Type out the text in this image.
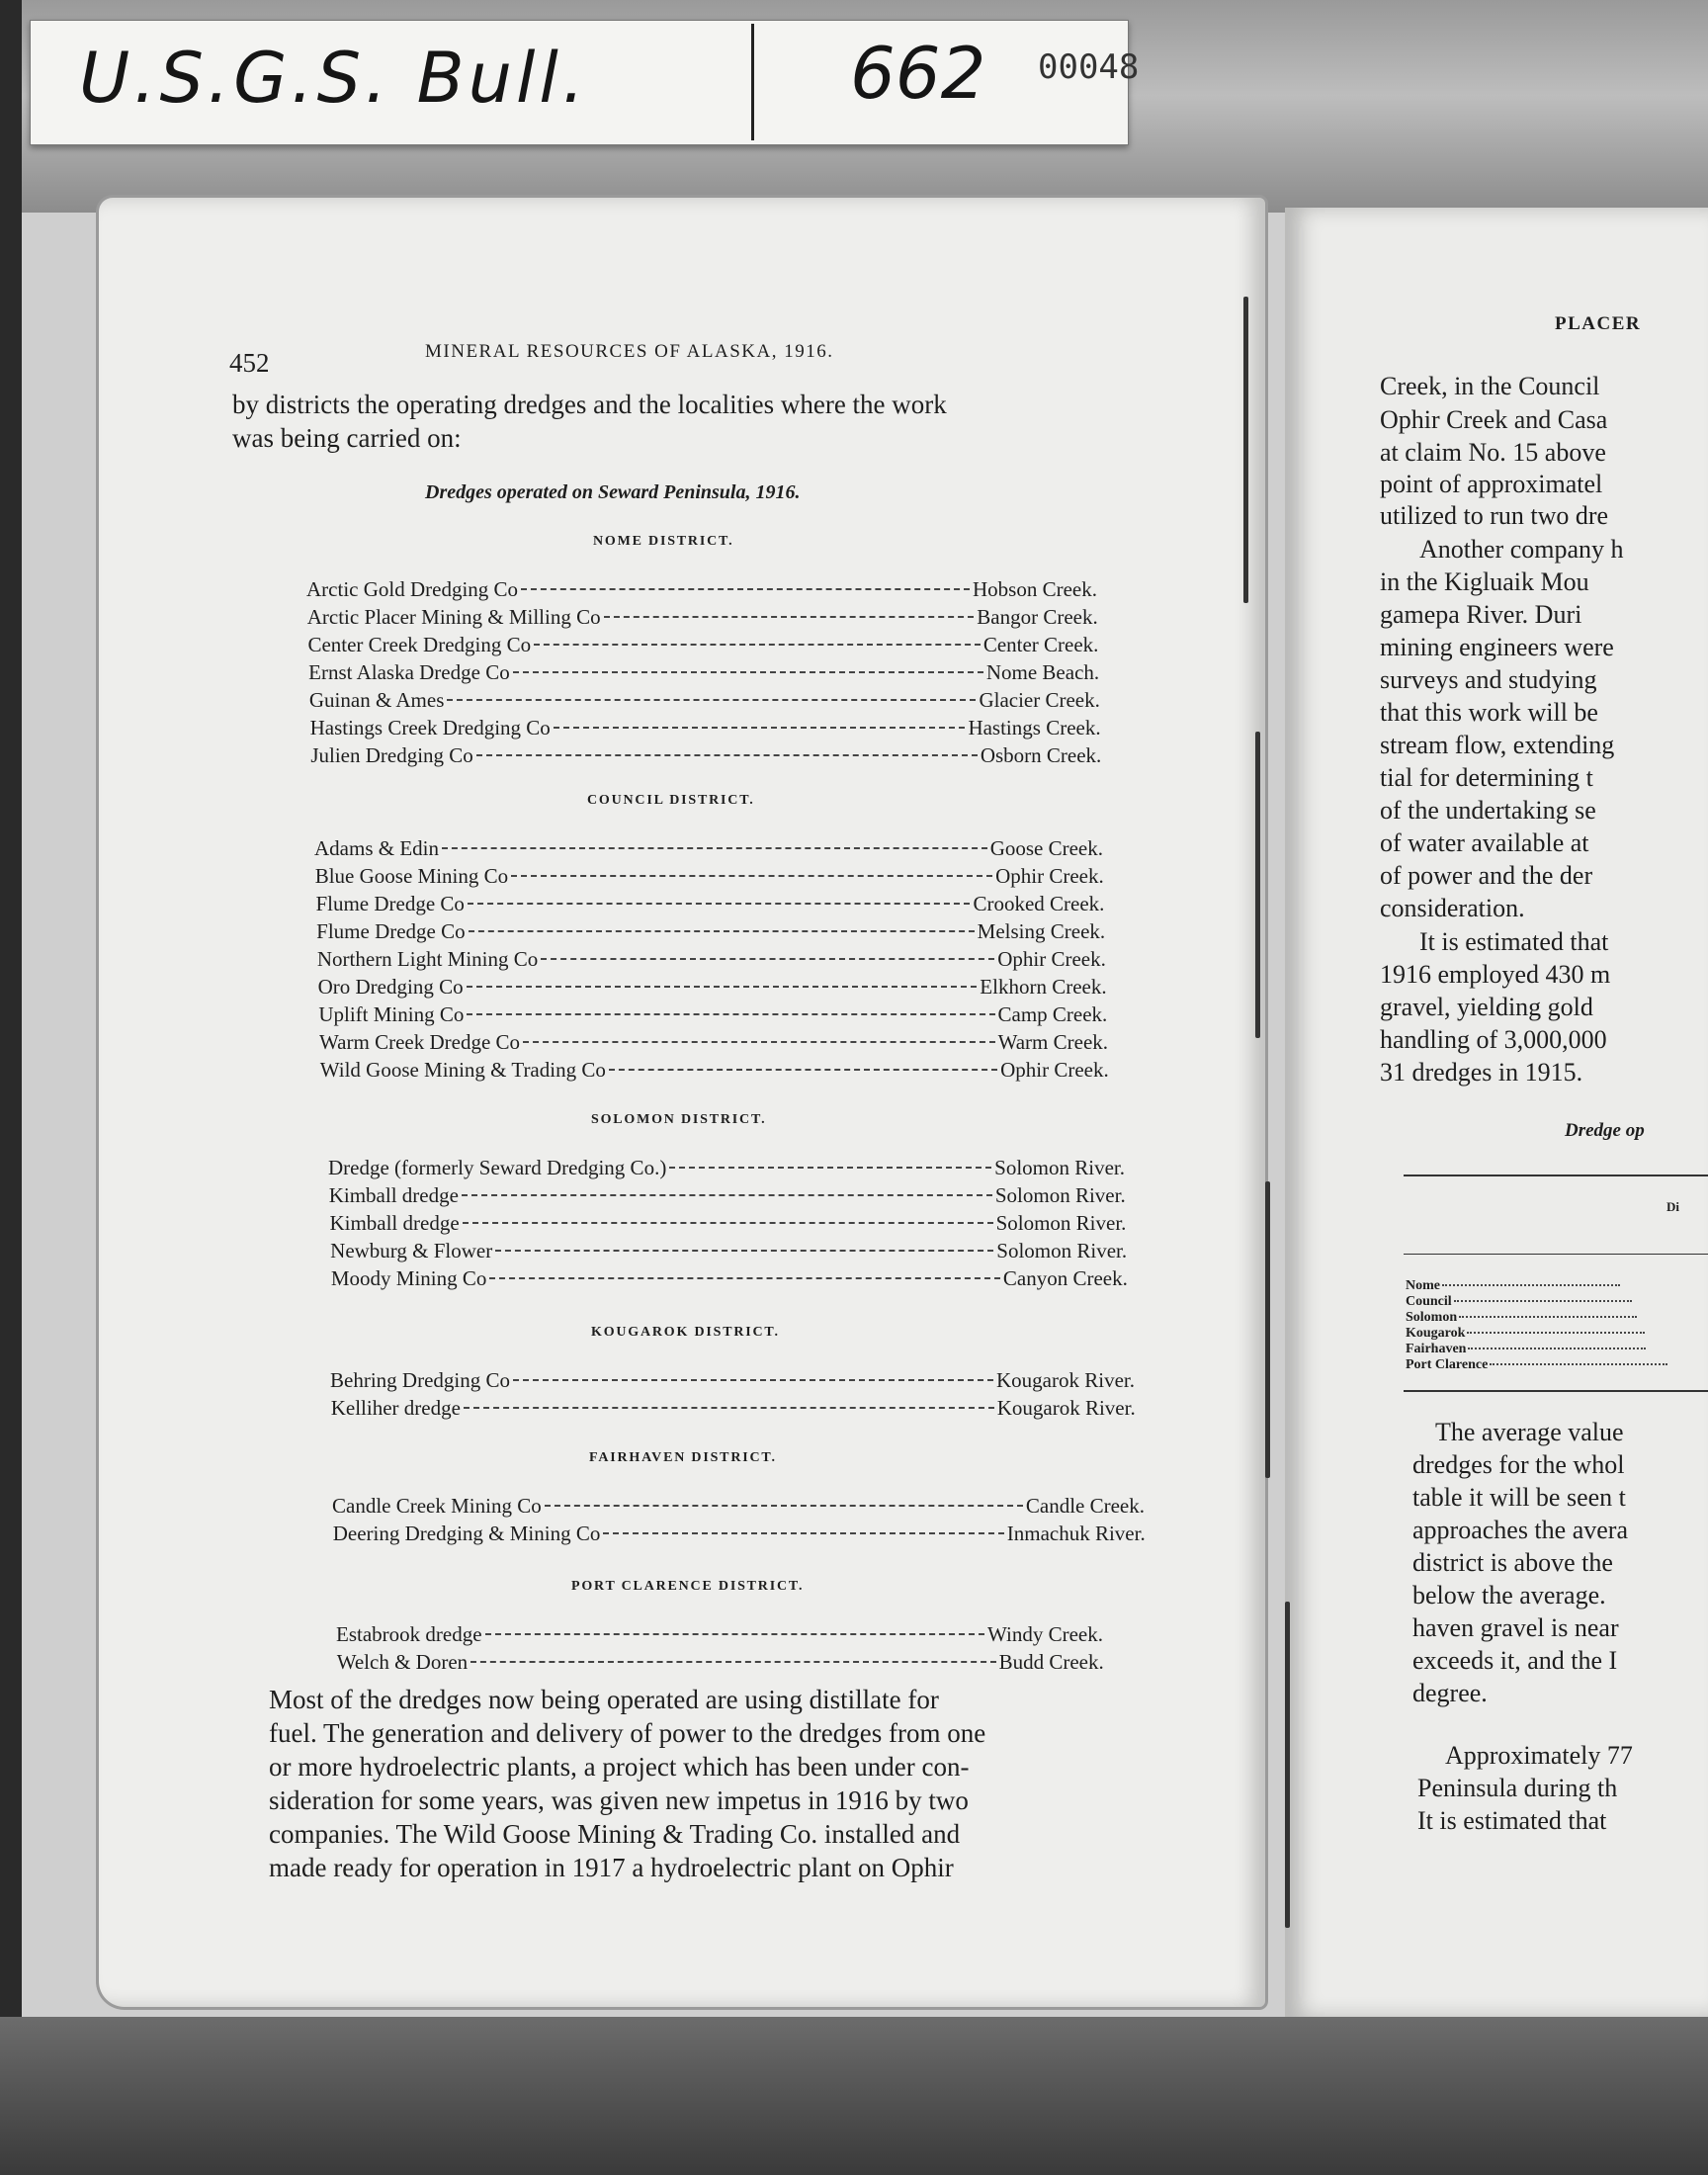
U.S.G.S. Bull.	662 00048
452	MINERAL RESOURCES OF ALASKA, 1916.
by districts the operating dredges and the localities where the work
was being carried on:
Dredges operated on Seward Peninsula, 1916.
NOME DISTRICT.
Arctic Gold Dredging Co	Hobson Creek.
Arctic Placer Mining & Milling Co	Bangor Creek.
Center Creek Dredging Co	Center Creek.
Ernst Alaska Dredge Co	Nome Beach.
Guinan & Ames	Glacier Creek.
Hastings Creek Dredging Co	Hastings Creek.
Julien Dredging Co	Osborn Creek.
COUNCIL DISTRICT.
Adams & Edin	Goose Creek.
Blue Goose Mining Co	Ophir Creek.
Flume Dredge Co	Crooked Creek.
Flume Dredge Co	Melsing Creek.
Northern Light Mining Co	Ophir Creek.
Oro Dredging Co	Elkhorn Creek.
Uplift Mining Co	Camp Creek.
Warm Creek Dredge Co	Warm Creek.
Wild Goose Mining & Trading Co	Ophir Creek.
SOLOMON DISTRICT.
Dredge (formerly Seward Dredging Co.)	Solomon River.
Kimball dredge	Solomon River.
Kimball dredge	Solomon River.
Newburg & Flower	Solomon River.
Moody Mining Co	Canyon Creek.
KOUGAROK DISTRICT.
Behring Dredging Co	Kougarok River.
Kelliher dredge	Kougarok River.
FAIRHAVEN DISTRICT.
Candle Creek Mining Co	Candle Creek.
Deering Dredging & Mining Co	Inmachuk River.
PORT CLARENCE DISTRICT.
Estabrook dredge	Windy Creek.
Welch & Doren	Budd Creek.
Most of the dredges now being operated are using distillate for
fuel. The generation and delivery of power to the dredges from one
or more hydroelectric plants, a project which has been under con-
sideration for some years, was given new impetus in 1916 by two
companies. The Wild Goose Mining & Trading Co. installed and
made ready for operation in 1917 a hydroelectric plant on Ophir
PLACER
Creek, in the Council
Ophir Creek and Casa
at claim No. 15 above
point of approximatel
utilized to run two dre
Another company h
in the Kigluaik Mou
gamepa River. Duri
mining engineers were
surveys and studying
that this work will be
stream flow, extending
tial for determining t
of the undertaking se
of water available at
of power and the der
consideration.
It is estimated that
1916 employed 430 m
gravel, yielding gold
handling of 3,000,000
31 dredges in 1915.
Dredge op
Di
Nome
Council
Solomon
Kougarok
Fairhaven
Port Clarence
The average value
dredges for the whol
table it will be seen t
approaches the avera
district is above the
below the average.
haven gravel is near
exceeds it, and the I
degree.
Approximately 77
Peninsula during th
It is estimated that
